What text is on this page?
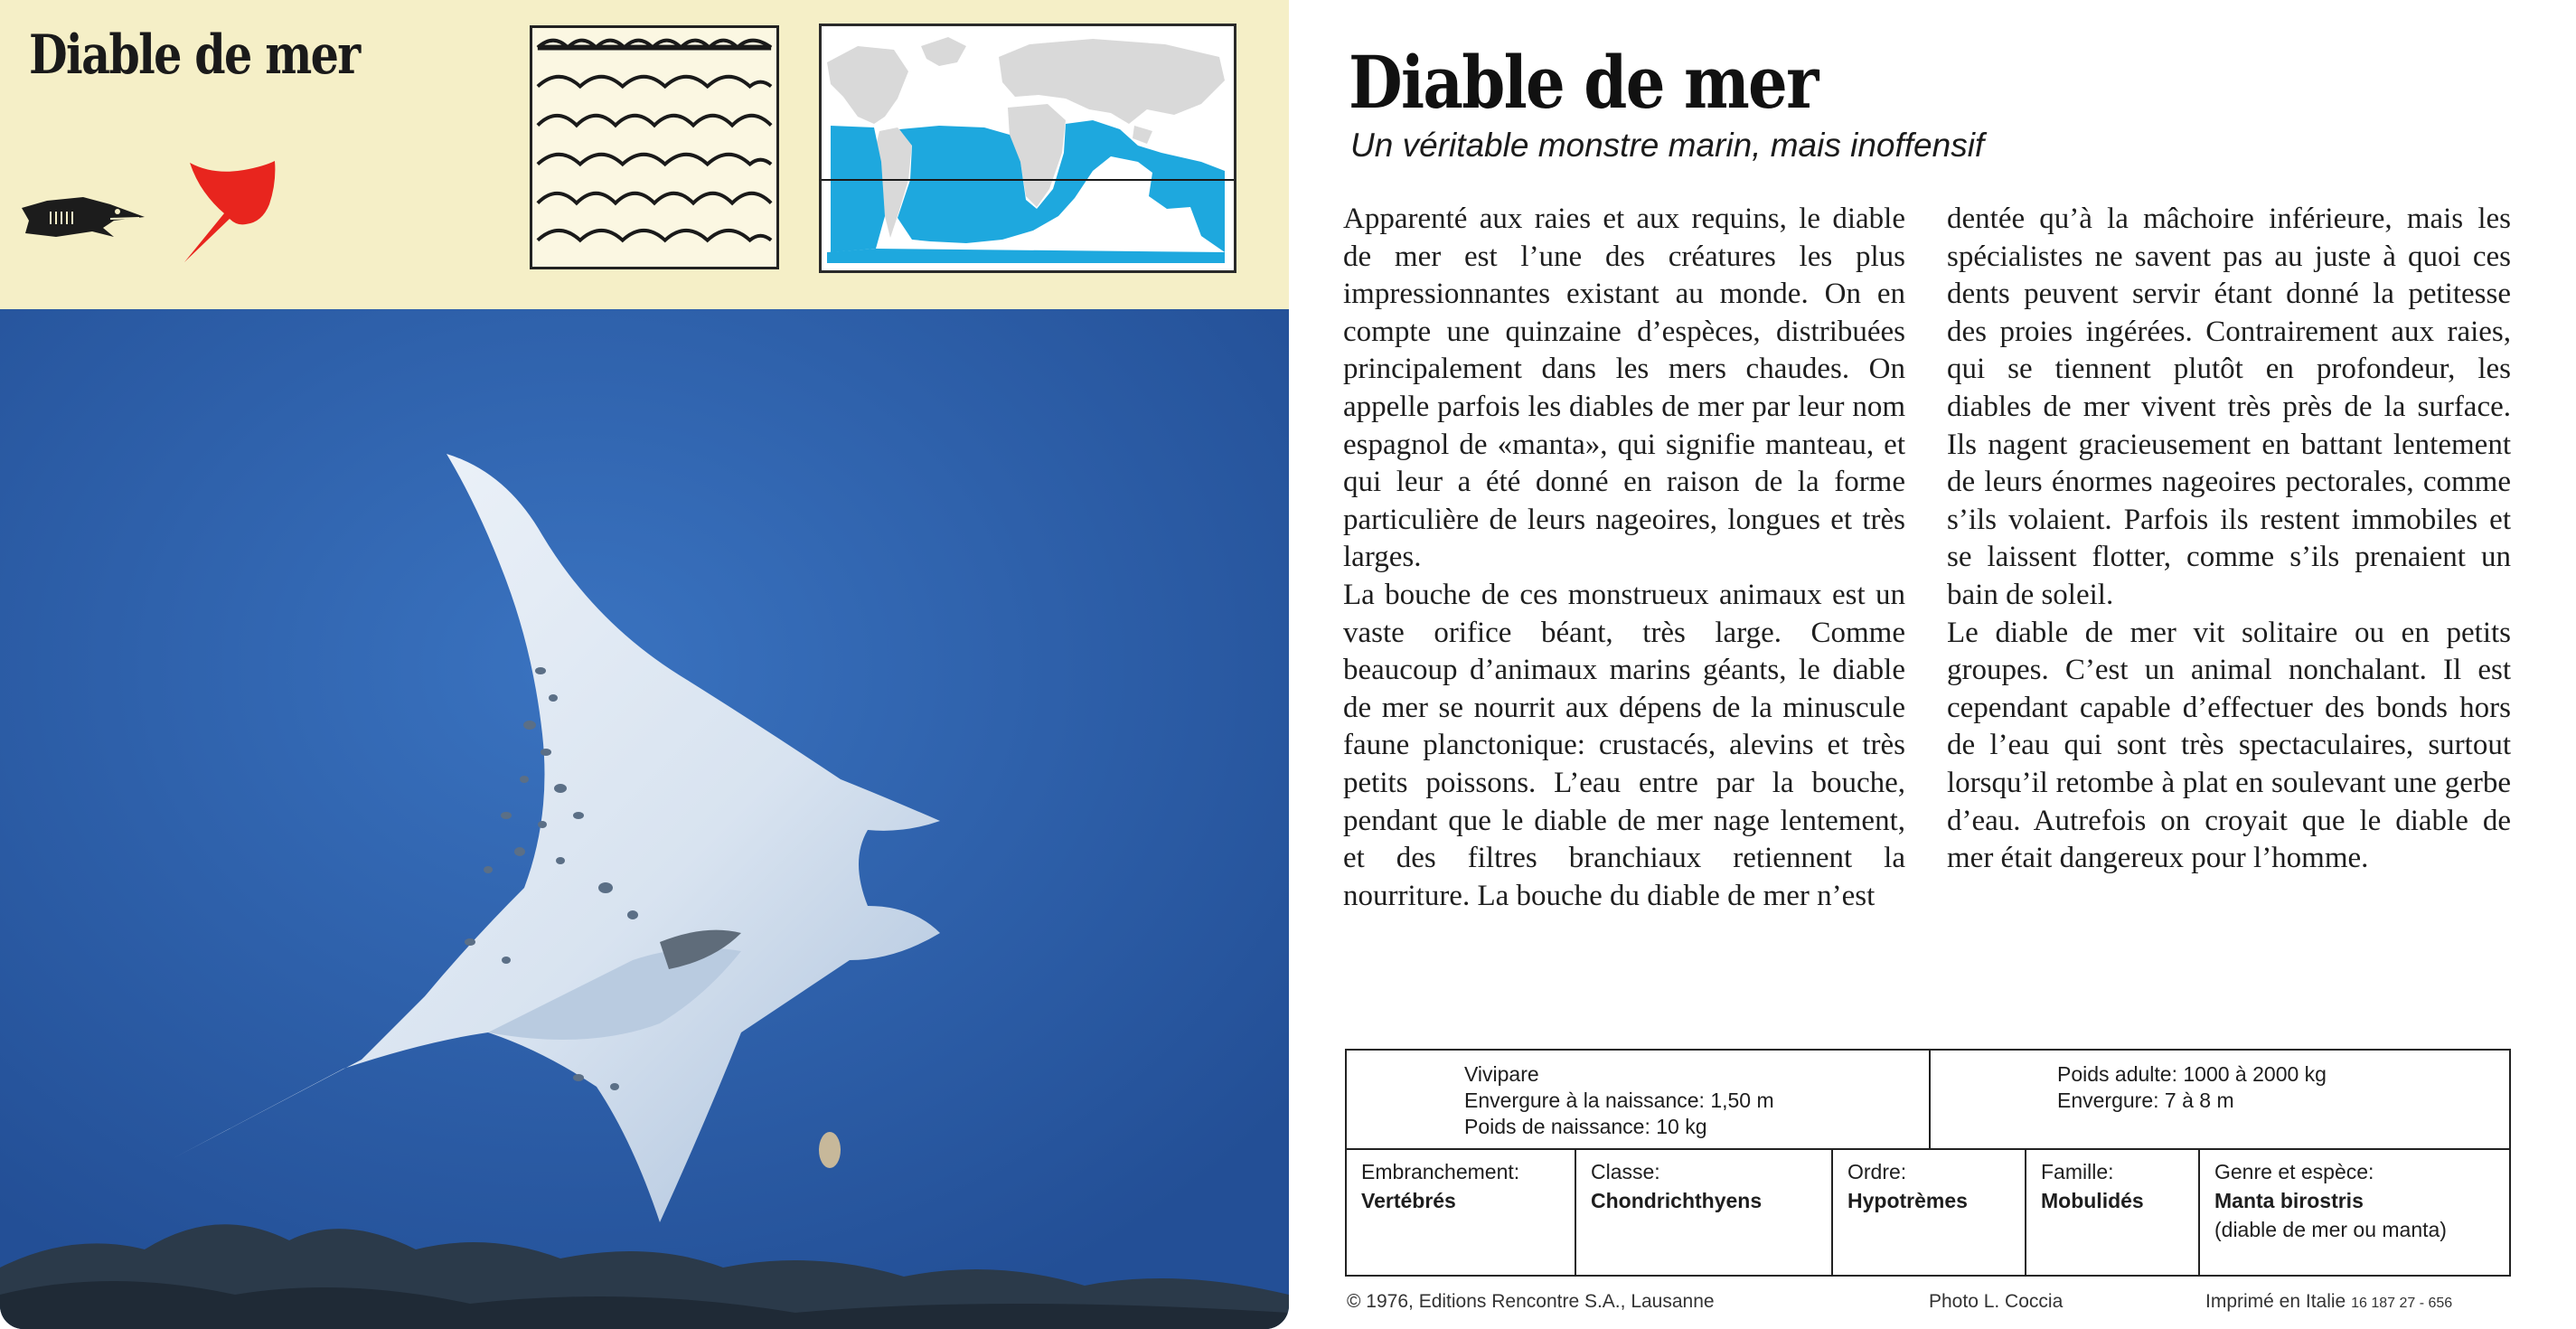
Diable de mer	Diable de mer

Un véritable monstre marin, mais inoffensif

Apparenté aux raies et aux requins, le diable de mer est l’une des créatures les plus impressionnantes existant au monde. On en compte une quinzaine d’espèces, distribuées principalement dans les mers chaudes. On appelle parfois les diables de mer par leur nom espagnol de «manta», qui signifie manteau, et qui leur a été donné en raison de la forme particulière de leurs nageoires, longues et très larges.

La bouche de ces monstrueux animaux est un vaste orifice béant, très large. Comme beaucoup d’animaux marins géants, le diable de mer se nourrit aux dépens de la minuscule faune planctonique: crustacés, alevins et très petits poissons. L’eau entre par la bouche, pendant que le diable de mer nage lentement, et des filtres branchiaux retiennent la nourriture. La bouche du diable de mer n’est

dentée qu’à la mâchoire inférieure, mais les spécialistes ne savent pas au juste à quoi ces dents peuvent servir étant donné la petitesse des proies ingérées. Contrairement aux raies, qui se tiennent plutôt en profondeur, les diables de mer vivent très près de la surface. Ils nagent gracieusement en battant lentement de leurs énormes nageoires pectorales, comme s’ils volaient. Parfois ils restent immobiles et se laissent flotter, comme s’ils prenaient un bain de soleil.

Le diable de mer vit solitaire ou en petits groupes. C’est un animal nonchalant. Il est cependant capable d’effectuer des bonds hors de l’eau qui sont très spectaculaires, surtout lorsqu’il retombe à plat en soulevant une gerbe d’eau. Autrefois on croyait que le diable de mer était dangereux pour l’homme.

Vivipare
Envergure à la naissance: 1,50 m
Poids de naissance: 10 kg
Poids adulte: 1000 à 2000 kg
Envergure: 7 à 8 m
Embranchement:
Vertébrés
Classe:
Chondrichthyens
Ordre:
Hypotrèmes
Famille:
Mobulidés
Genre et espèce:
Manta birostris
(diable de mer ou manta)
© 1976, Editions Rencontre S.A., Lausanne	Photo L. Coccia	Imprimé en Italie 16 187 27 - 656
